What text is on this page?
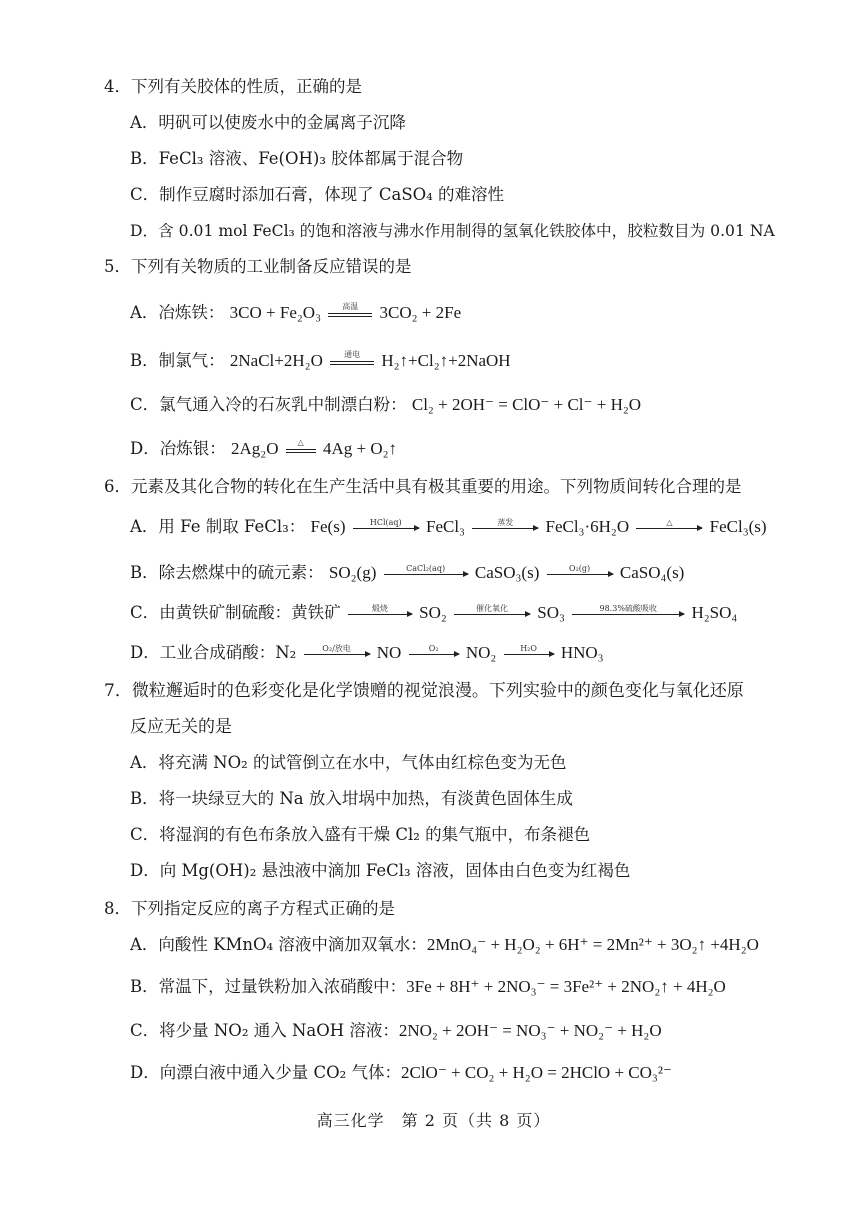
4．下列有关胶体的性质，正确的是
A．明矾可以使废水中的金属离子沉降
B．FeCl₃ 溶液、Fe(OH)₃ 胶体都属于混合物
C．制作豆腐时添加石膏，体现了 CaSO₄ 的难溶性
D．含 0.01 mol FeCl₃ 的饱和溶液与沸水作用制得的氢氧化铁胶体中，胶粒数目为 0.01 NA
5．下列有关物质的工业制备反应错误的是
A．冶炼铁： 3CO + Fe₂O₃	高温	3CO₂ + 2Fe
B．制氯气： 2NaCl+2H₂O	通电	H₂↑+Cl₂↑+2NaOH
C．氯气通入冷的石灰乳中制漂白粉： Cl₂ + 2OH⁻ = ClO⁻ + Cl⁻ + H₂O
D．冶炼银： 2Ag₂O	△	4Ag + O₂↑
6．元素及其化合物的转化在生产生活中具有极其重要的用途。下列物质间转化合理的是
A．用 Fe 制取 FeCl₃： Fe(s)	HCl(aq)	FeCl₃	蒸发	FeCl₃·6H₂O	△	FeCl₃(s)
B．除去燃煤中的硫元素： SO₂(g)	CaCl₂(aq)	CaSO₃(s)	O₂(g)	CaSO₄(s)
C．由黄铁矿制硫酸：黄铁矿	煅烧	SO₂	催化氧化	SO₃	98.3%硫酸吸收	H₂SO₄
D．工业合成硝酸：N₂	O₂/放电	NO	O₂	NO₂	H₂O	HNO₃
7．微粒邂逅时的色彩变化是化学馈赠的视觉浪漫。下列实验中的颜色变化与氧化还原
反应无关的是
A．将充满 NO₂ 的试管倒立在水中，气体由红棕色变为无色
B．将一块绿豆大的 Na 放入坩埚中加热，有淡黄色固体生成
C．将湿润的有色布条放入盛有干燥 Cl₂ 的集气瓶中，布条褪色
D．向 Mg(OH)₂ 悬浊液中滴加 FeCl₃ 溶液，固体由白色变为红褐色
8．下列指定反应的离子方程式正确的是
A．向酸性 KMnO₄ 溶液中滴加双氧水：2MnO₄⁻ + H₂O₂ + 6H⁺ = 2Mn²⁺ + 3O₂↑ +4H₂O
B．常温下，过量铁粉加入浓硝酸中：3Fe + 8H⁺ + 2NO₃⁻ = 3Fe²⁺ + 2NO₂↑ + 4H₂O
C．将少量 NO₂ 通入 NaOH 溶液：2NO₂ + 2OH⁻ = NO₃⁻ + NO₂⁻ + H₂O
D．向漂白液中通入少量 CO₂ 气体：2ClO⁻ + CO₂ + H₂O = 2HClO + CO₃²⁻
高三化学　第 2 页（共 8 页）
